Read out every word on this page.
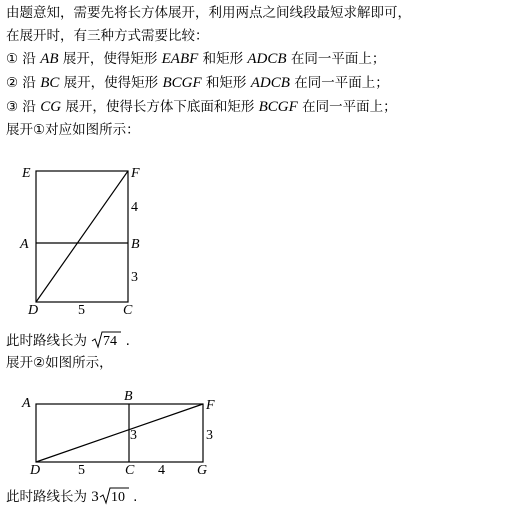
由题意知，需要先将长方体展开，利用两点之间线段最短求解即可，
在展开时，有三种方式需要比较：
① 沿 AB 展开，使得矩形 EABF 和矩形 ADCB 在同一平面上；
② 沿 BC 展开，使得矩形 BCGF 和矩形 ADCB 在同一平面上；
③ 沿 CG 展开，使得长方体下底面和矩形 BCGF 在同一平面上；
展开①对应如图所示：
E	F
A	B
D	C
4
3
5
此时路线长为 74 .
展开②如图所示，
A	B
F
D	C	G
5	4
3	3
此时路线长为 3 10 .
